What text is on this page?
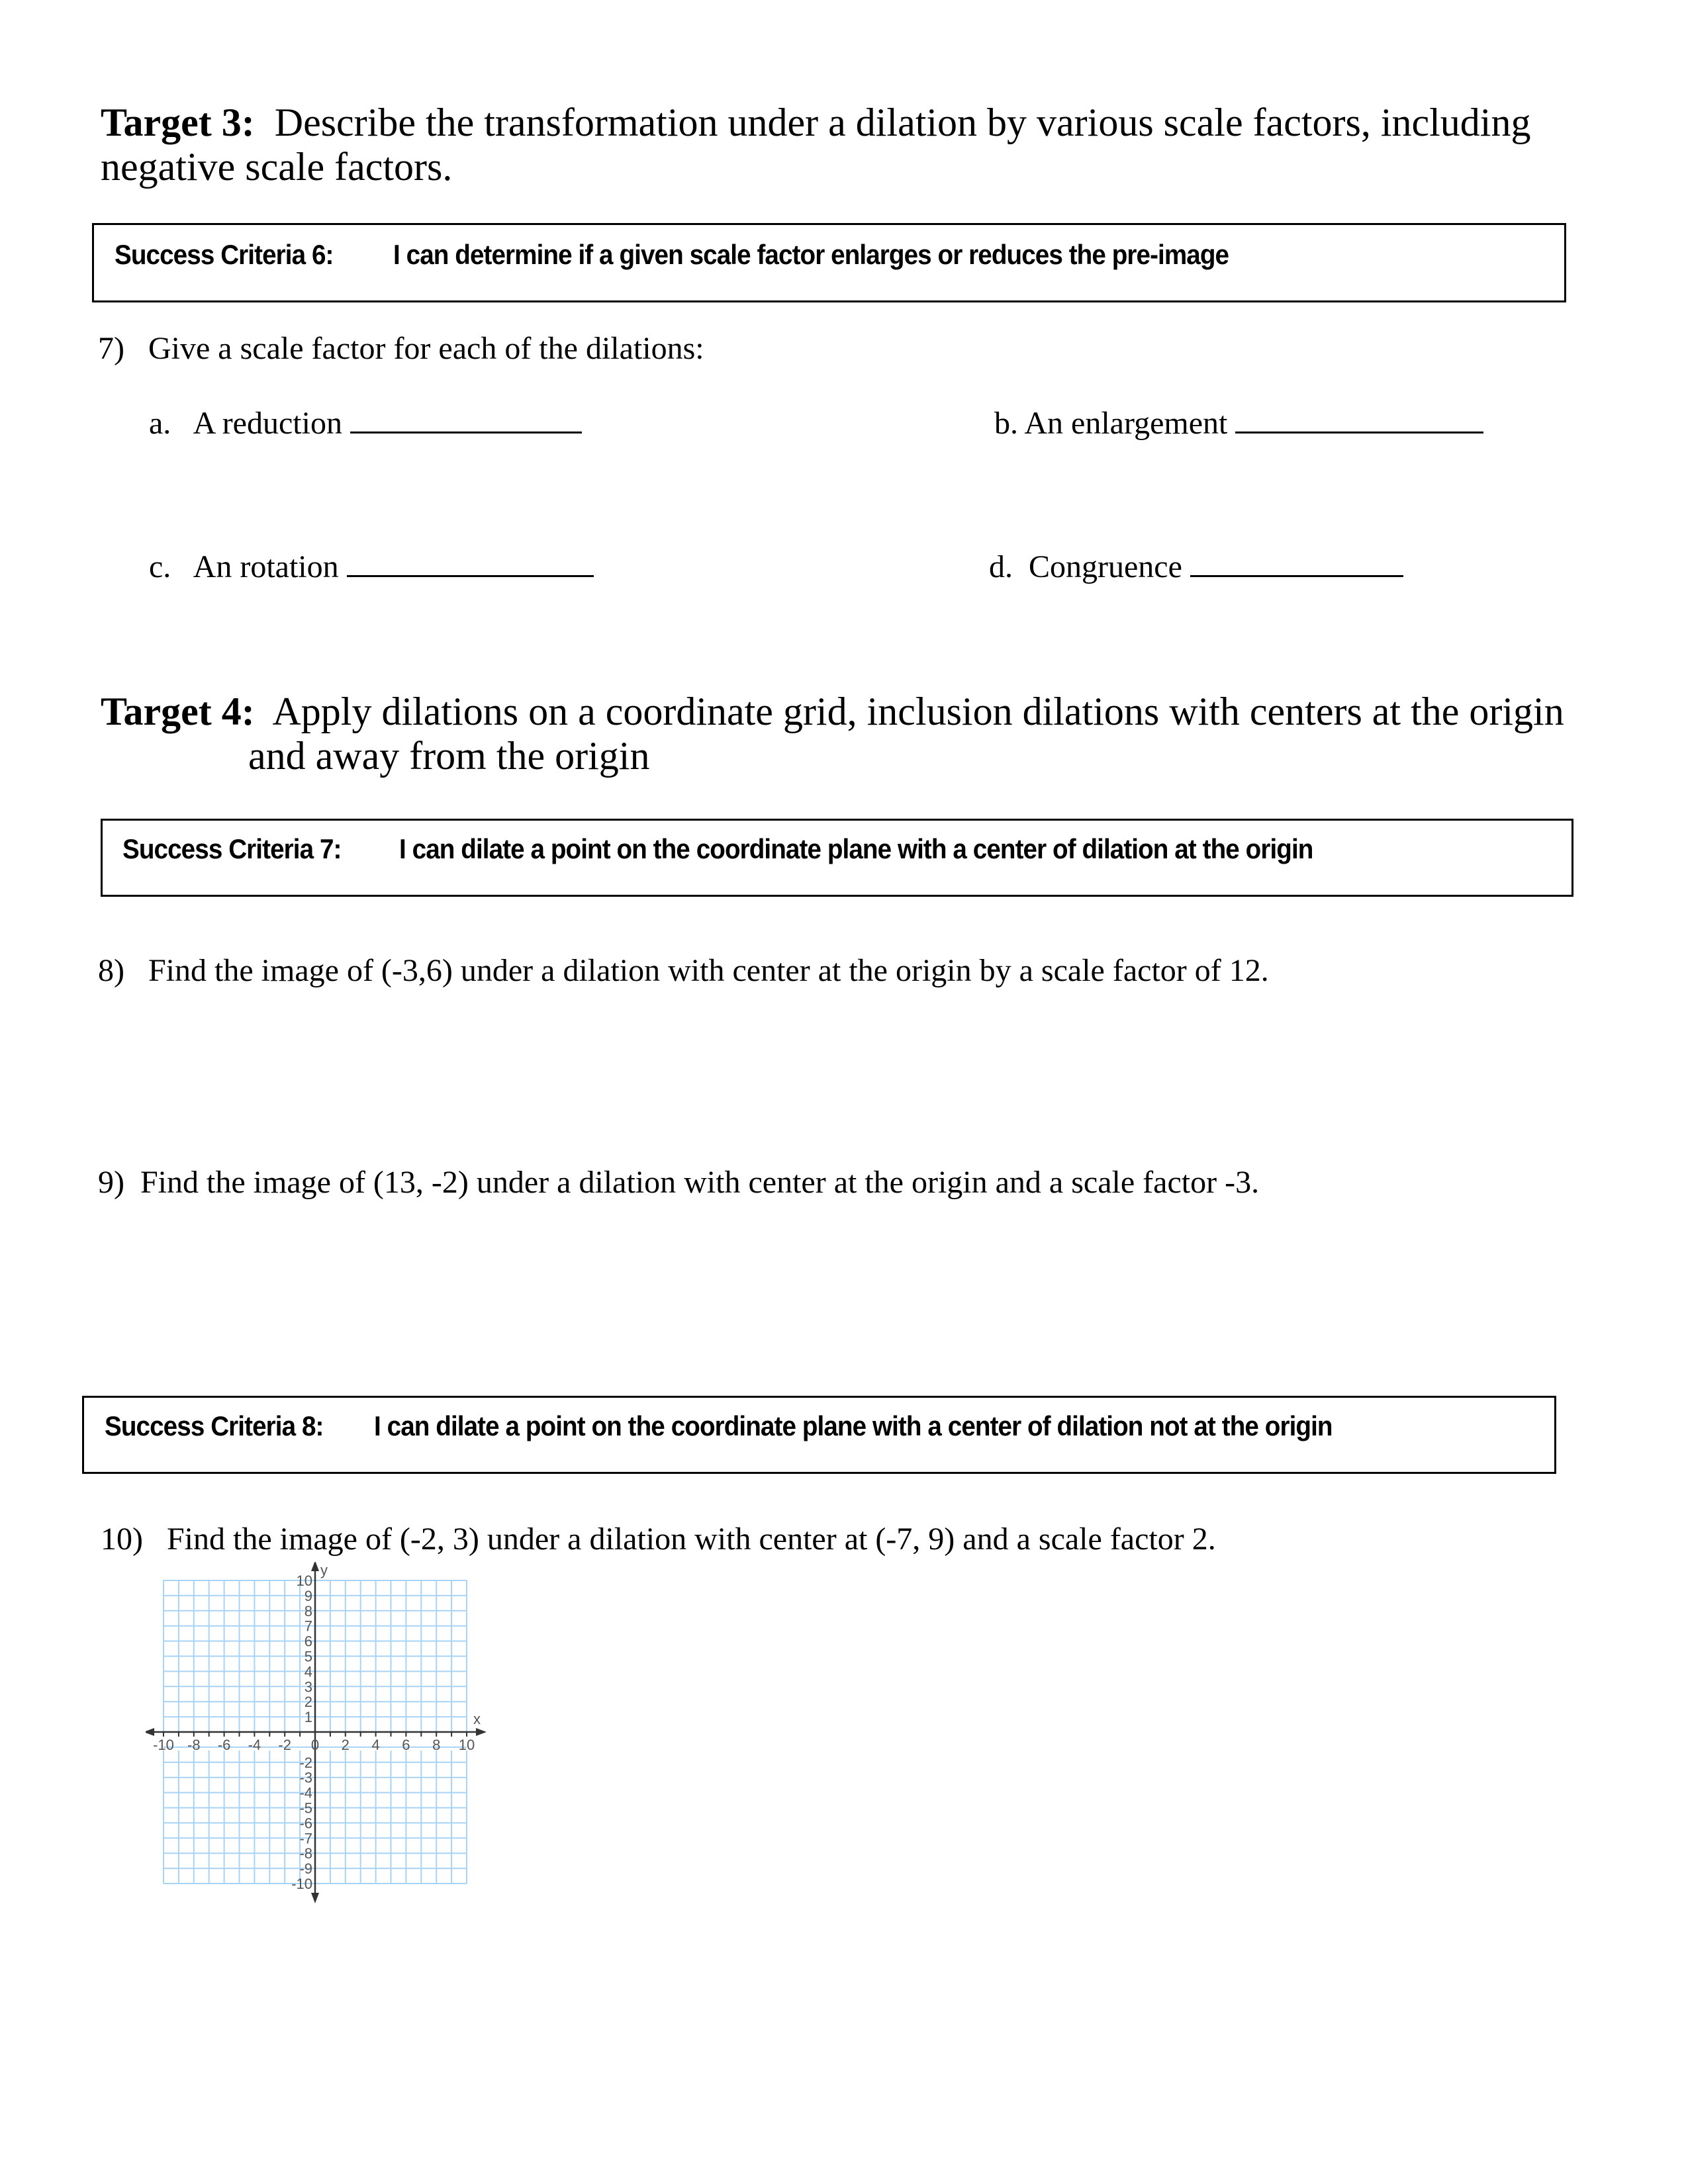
Target 3: Describe the transformation under a dilation by various scale factors, including
negative scale factors.
Success Criteria 6: I can determine if a given scale factor enlarges or reduces the pre-image
7) Give a scale factor for each of the dilations:
a. A reduction	b. An enlargement
c. An rotation	d. Congruence
Target 4: Apply dilations on a coordinate grid, inclusion dilations with centers at the origin
and away from the origin
Success Criteria 7: I can dilate a point on the coordinate plane with a center of dilation at the origin
8) Find the image of (-3,6) under a dilation with center at the origin by a scale factor of 12.
9) Find the image of (13, -2) under a dilation with center at the origin and a scale factor -3.
Success Criteria 8: I can dilate a point on the coordinate plane with a center of dilation not at the origin
10) Find the image of (-2, 3) under a dilation with center at (-7, 9) and a scale factor 2.
-10 -8 -6 -4 -2 0 2 4 6 8 10
10
9
8
7
6
5
4
3
2
1
-2
-3
-4
-5
-6
-7
-8
-9
-10
x
y
